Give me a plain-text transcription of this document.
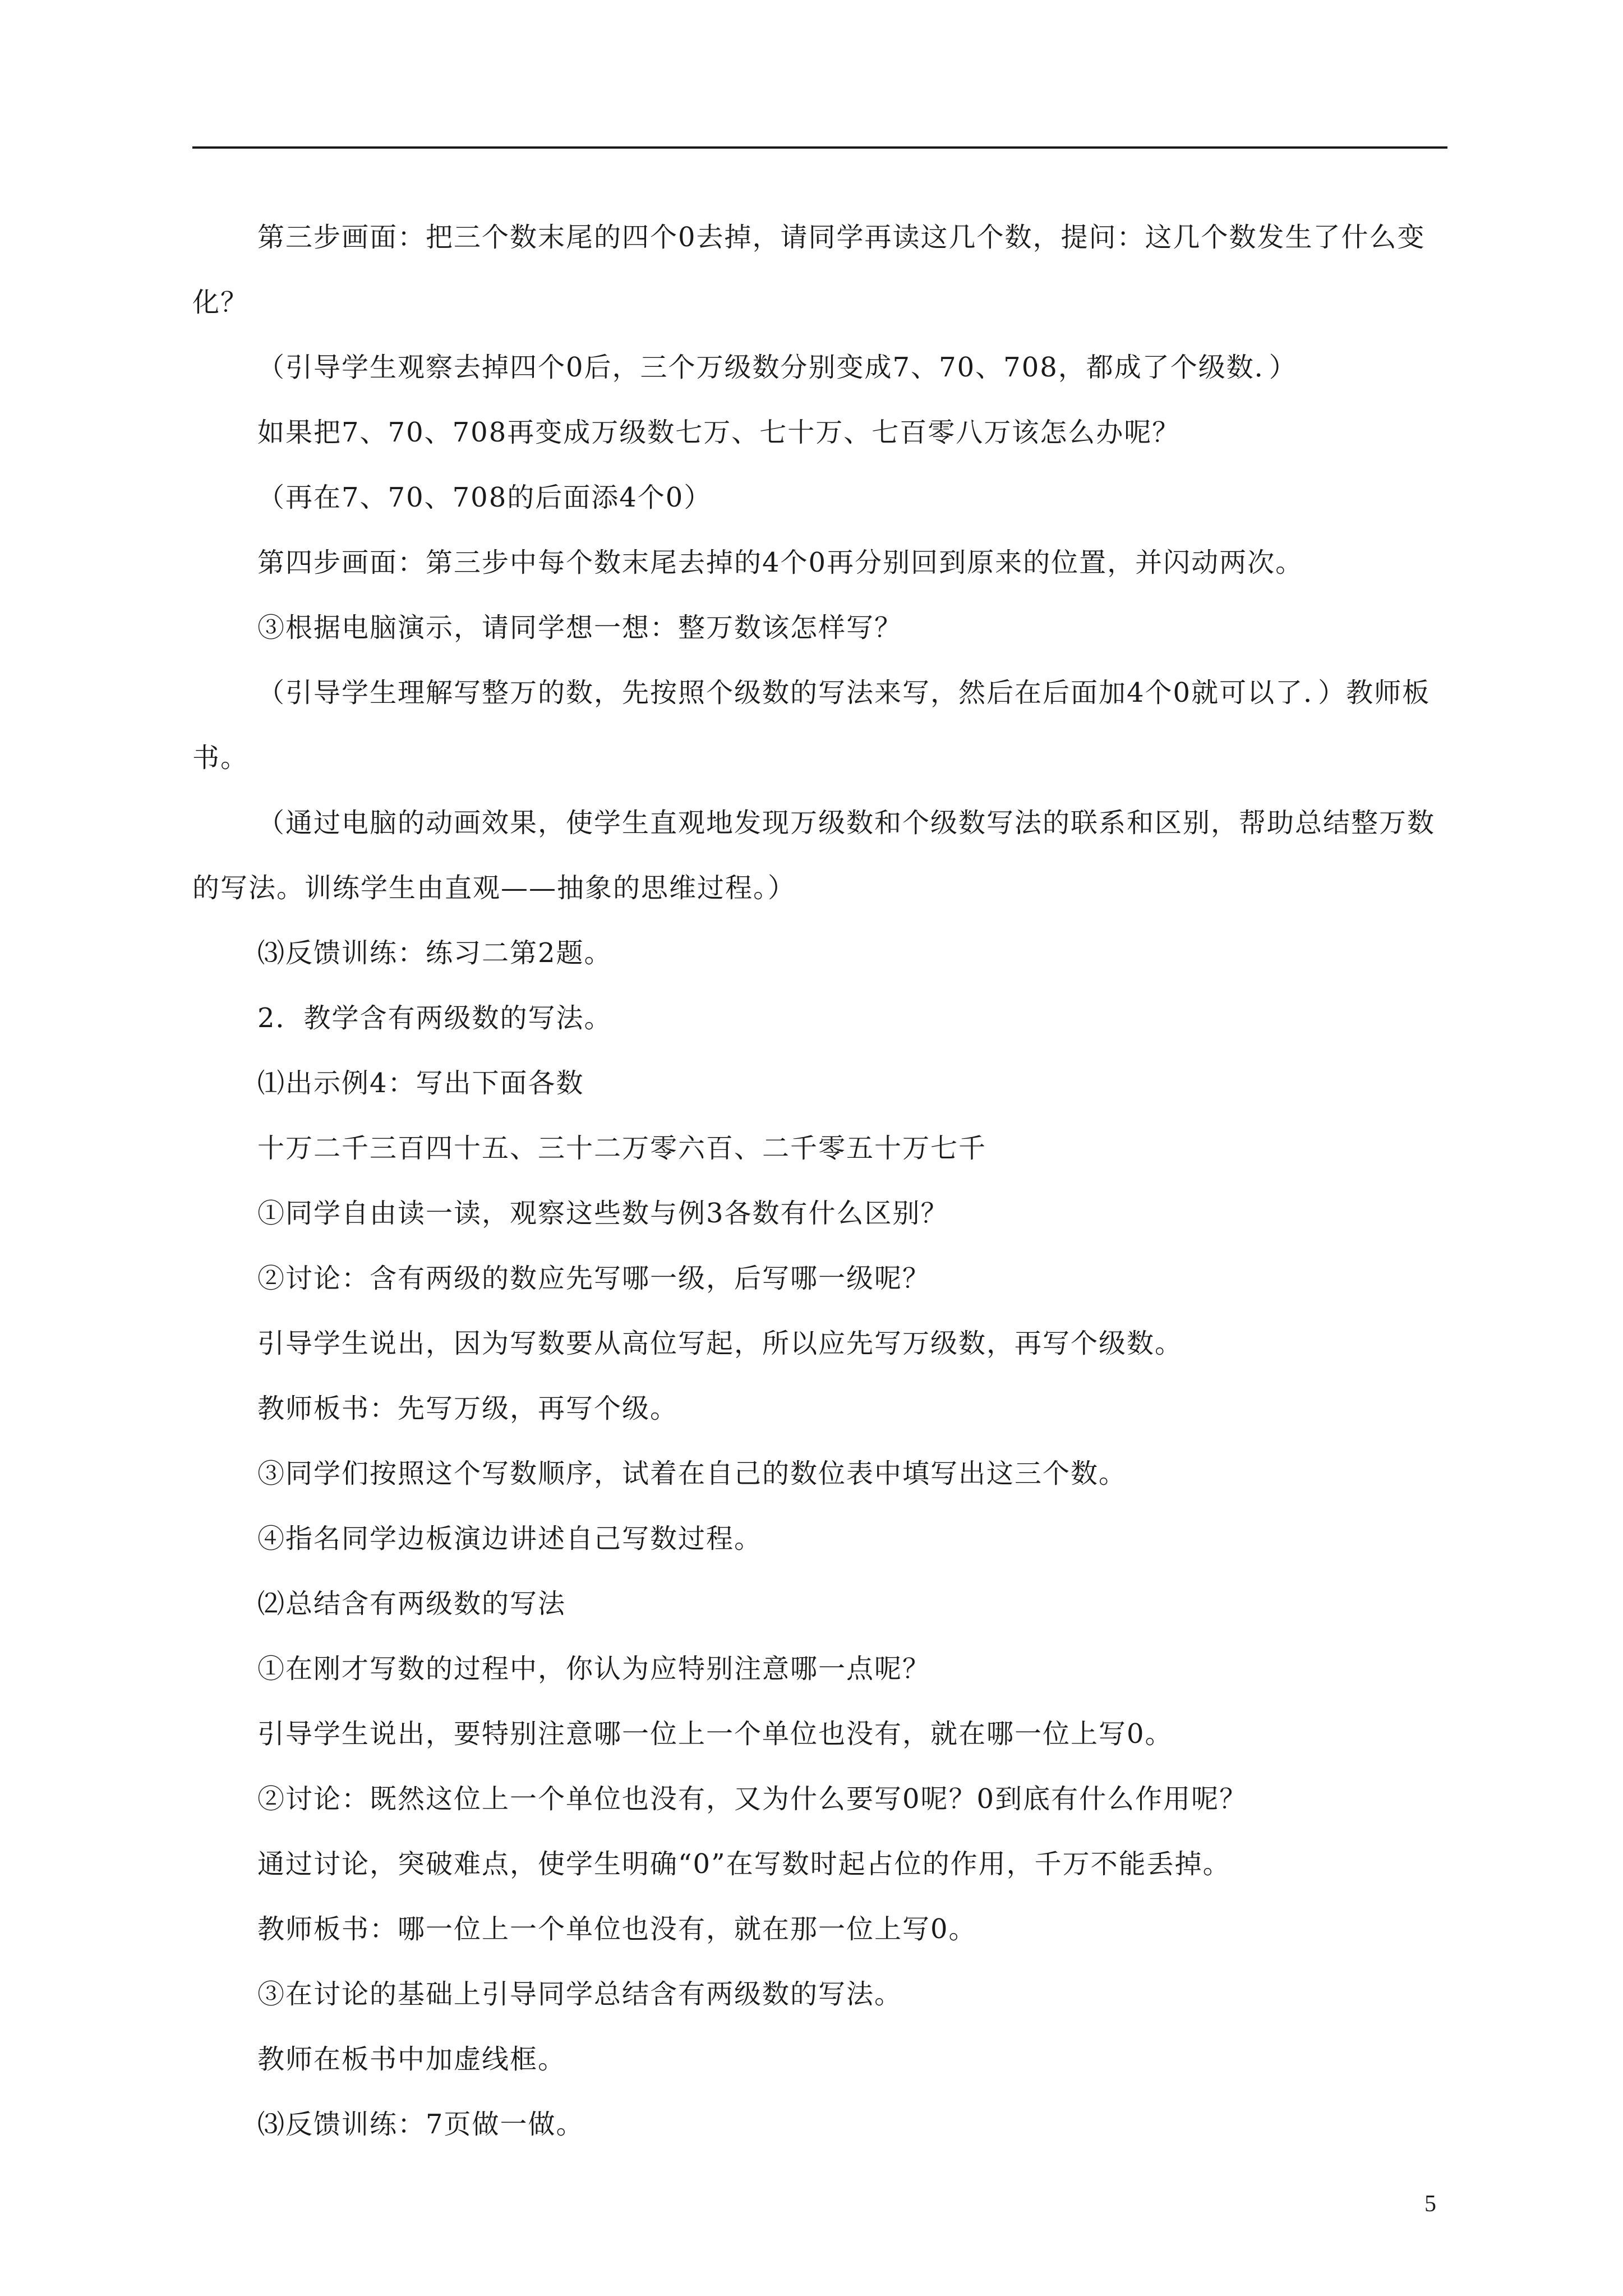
第三步画面：把三个数末尾的四个0去掉，请同学再读这几个数，提问：这几个数发生了什么变化？

（引导学生观察去掉四个0后，三个万级数分别变成7、70、708，都成了个级数．）

如果把7、70、708再变成万级数七万、七十万、七百零八万该怎么办呢？

（再在7、70、708的后面添4个0）

第四步画面：第三步中每个数末尾去掉的4个0再分别回到原来的位置，并闪动两次。

③根据电脑演示，请同学想一想：整万数该怎样写？

（引导学生理解写整万的数，先按照个级数的写法来写，然后在后面加4个0就可以了．）教师板书。

（通过电脑的动画效果，使学生直观地发现万级数和个级数写法的联系和区别，帮助总结整万数的写法。训练学生由直观——抽象的思维过程。）

⑶反馈训练：练习二第2题。

2．教学含有两级数的写法。

⑴出示例4：写出下面各数

十万二千三百四十五、三十二万零六百、二千零五十万七千

①同学自由读一读，观察这些数与例3各数有什么区别？

②讨论：含有两级的数应先写哪一级，后写哪一级呢？

引导学生说出，因为写数要从高位写起，所以应先写万级数，再写个级数。

教师板书：先写万级，再写个级。

③同学们按照这个写数顺序，试着在自己的数位表中填写出这三个数。

④指名同学边板演边讲述自己写数过程。

⑵总结含有两级数的写法

①在刚才写数的过程中，你认为应特别注意哪一点呢？

引导学生说出，要特别注意哪一位上一个单位也没有，就在哪一位上写0。

②讨论：既然这位上一个单位也没有，又为什么要写0呢？0到底有什么作用呢？

通过讨论，突破难点，使学生明确“0”在写数时起占位的作用，千万不能丢掉。

教师板书：哪一位上一个单位也没有，就在那一位上写0。

③在讨论的基础上引导同学总结含有两级数的写法。

教师在板书中加虚线框。

⑶反馈训练：7页做一做。

5
